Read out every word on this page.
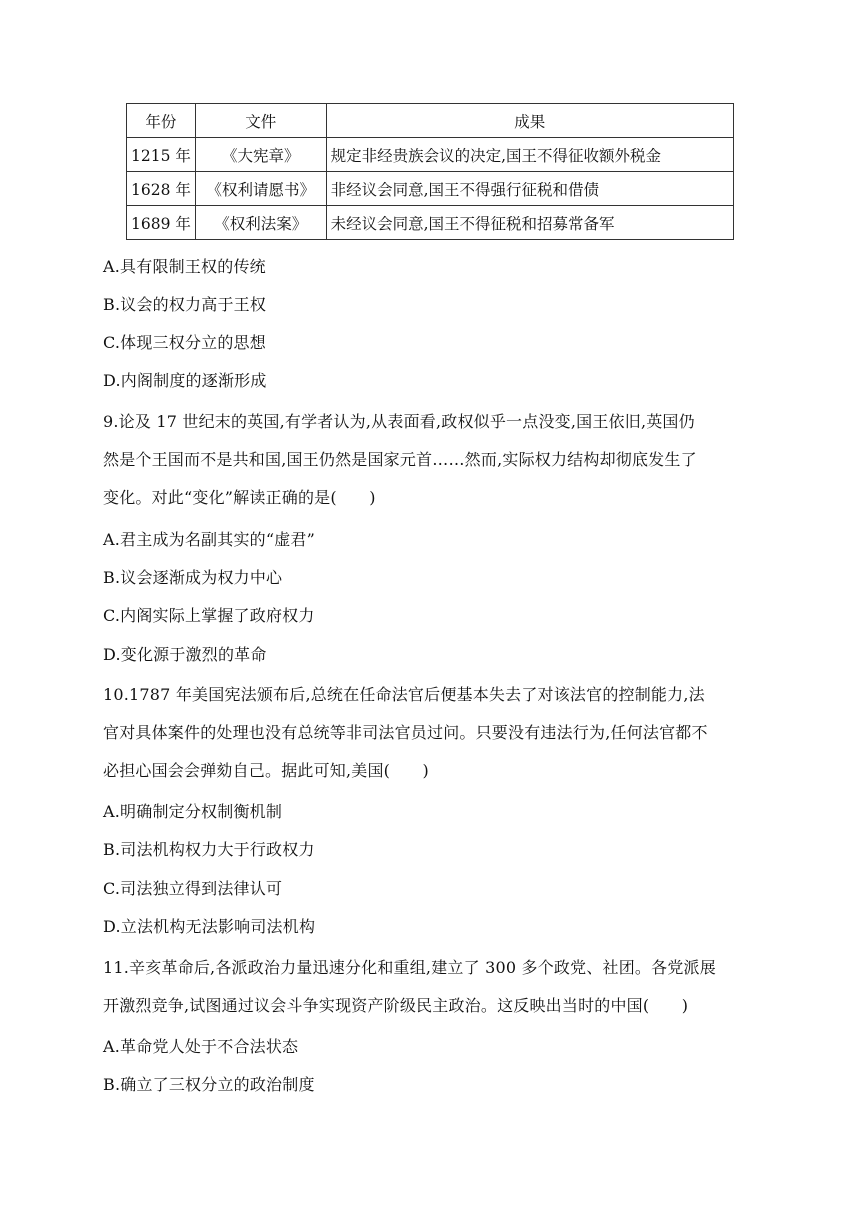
年份	文件	成果
1215 年	《大宪章》	规定非经贵族会议的决定,国王不得征收额外税金
1628 年	《权利请愿书》	非经议会同意,国王不得强行征税和借债
1689 年	《权利法案》	未经议会同意,国王不得征税和招募常备军
A.具有限制王权的传统
B.议会的权力高于王权
C.体现三权分立的思想
D.内阁制度的逐渐形成
9.论及 17 世纪末的英国,有学者认为,从表面看,政权似乎一点没变,国王依旧,英国仍
然是个王国而不是共和国,国王仍然是国家元首……然而,实际权力结构却彻底发生了
变化。对此“变化”解读正确的是(　　)
A.君主成为名副其实的“虚君”
B.议会逐渐成为权力中心
C.内阁实际上掌握了政府权力
D.变化源于激烈的革命
10.1787 年美国宪法颁布后,总统在任命法官后便基本失去了对该法官的控制能力,法
官对具体案件的处理也没有总统等非司法官员过问。只要没有违法行为,任何法官都不
必担心国会会弹劾自己。据此可知,美国(　　)
A.明确制定分权制衡机制
B.司法机构权力大于行政权力
C.司法独立得到法律认可
D.立法机构无法影响司法机构
11.辛亥革命后,各派政治力量迅速分化和重组,建立了 300 多个政党、社团。各党派展
开激烈竞争,试图通过议会斗争实现资产阶级民主政治。这反映出当时的中国(　　)
A.革命党人处于不合法状态
B.确立了三权分立的政治制度
